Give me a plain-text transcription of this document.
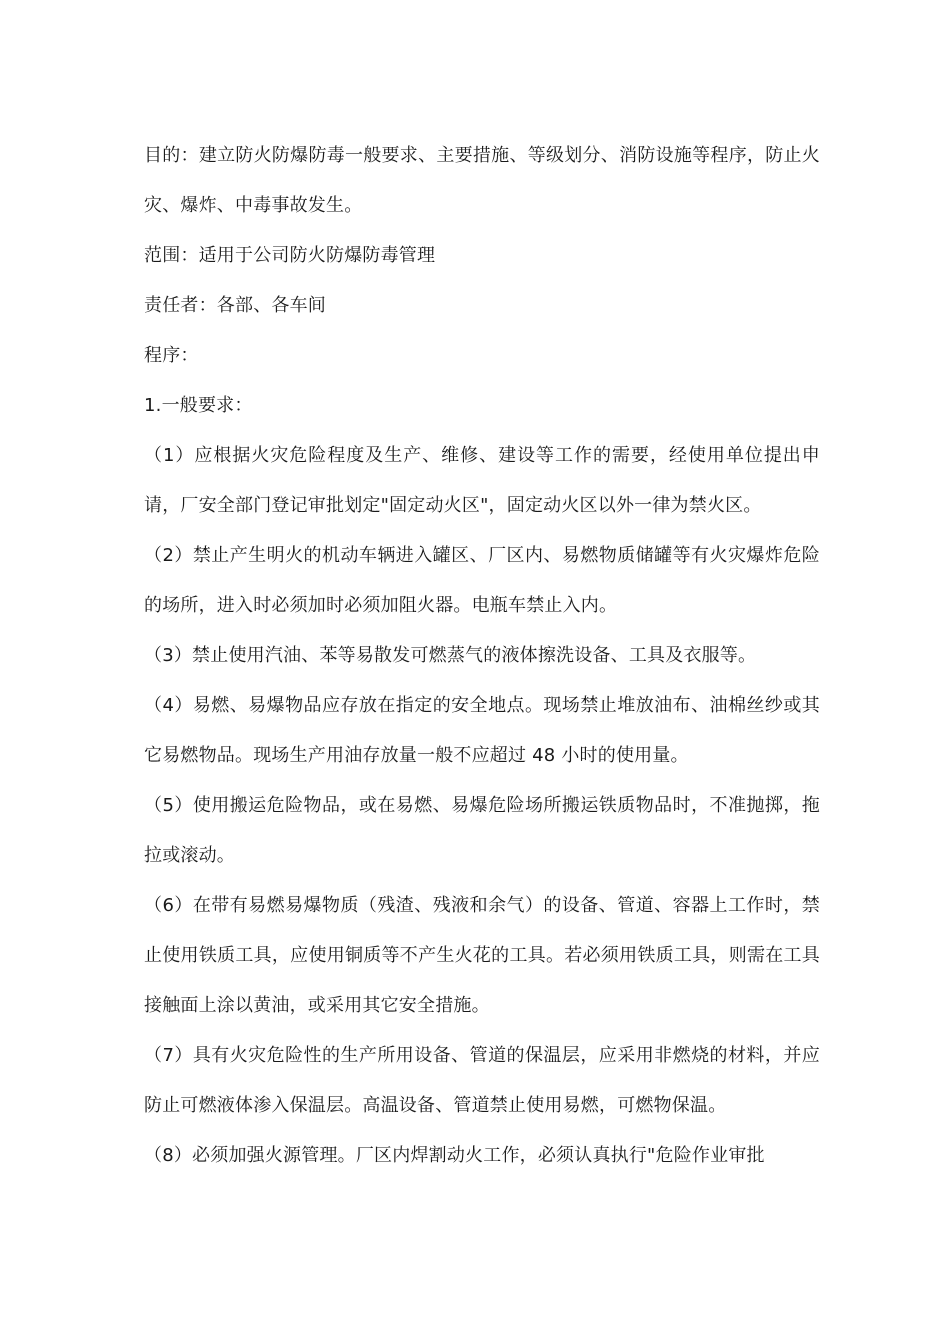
目的：建立防火防爆防毒一般要求、主要措施、等级划分、消防设施等程序，防止火灾、爆炸、中毒事故发生。

范围：适用于公司防火防爆防毒管理

责任者：各部、各车间

程序：

1.一般要求：

（1）应根据火灾危险程度及生产、维修、建设等工作的需要，经使用单位提出申请，厂安全部门登记审批划定"固定动火区"，固定动火区以外一律为禁火区。

（2）禁止产生明火的机动车辆进入罐区、厂区内、易燃物质储罐等有火灾爆炸危险的场所，进入时必须加时必须加阻火器。电瓶车禁止入内。

（3）禁止使用汽油、苯等易散发可燃蒸气的液体擦洗设备、工具及衣服等。

（4）易燃、易爆物品应存放在指定的安全地点。现场禁止堆放油布、油棉丝纱或其它易燃物品。现场生产用油存放量一般不应超过 48 小时的使用量。

（5）使用搬运危险物品，或在易燃、易爆危险场所搬运铁质物品时，不准抛掷，拖拉或滚动。

（6）在带有易燃易爆物质（残渣、残液和余气）的设备、管道、容器上工作时，禁止使用铁质工具，应使用铜质等不产生火花的工具。若必须用铁质工具，则需在工具接触面上涂以黄油，或采用其它安全措施。

（7）具有火灾危险性的生产所用设备、管道的保温层，应采用非燃烧的材料，并应防止可燃液体渗入保温层。高温设备、管道禁止使用易燃，可燃物保温。

（8）必须加强火源管理。厂区内焊割动火工作，必须认真执行"危险作业审批
